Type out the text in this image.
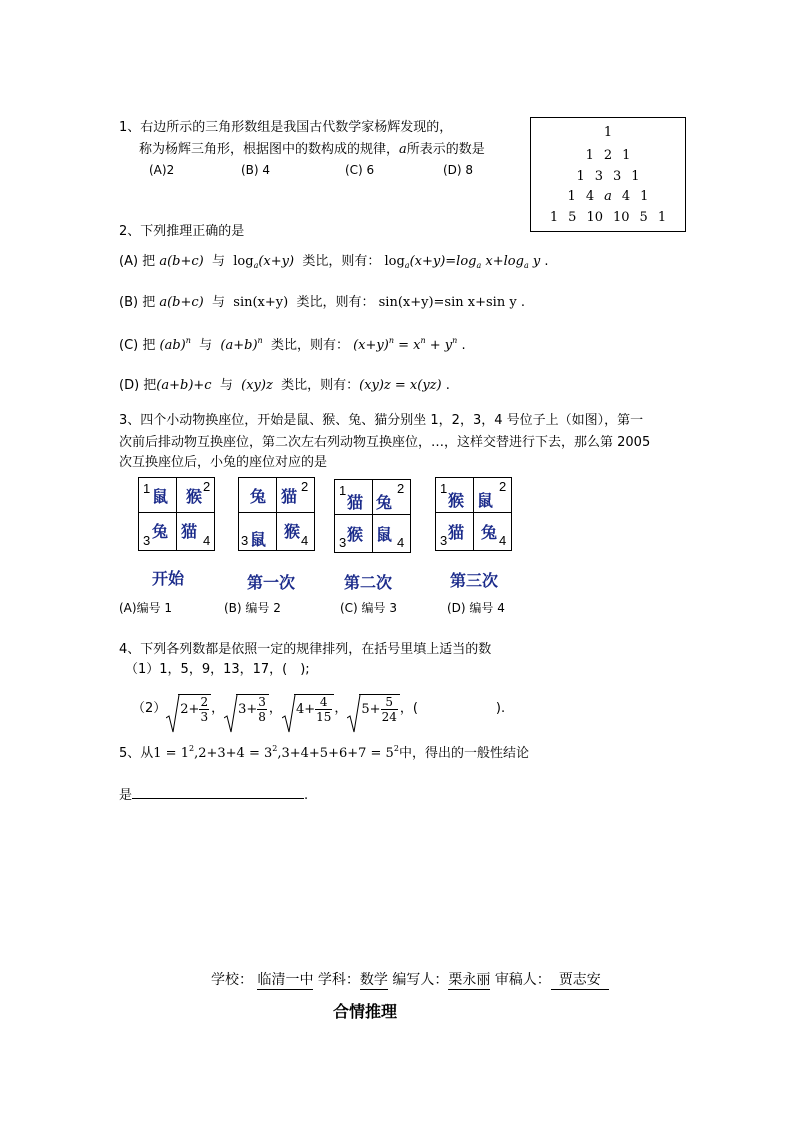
1、右边所示的三角形数组是我国古代数学家杨辉发现的，
称为杨辉三角形，根据图中的数构成的规律，a所表示的数是
(A)2	(B) 4	(C) 6	(D) 8
1
1 2 1
1 3 3 1
1 4 a 4 1
1 5 10 10 5 1
2、下列推理正确的是
(A) 把 a(b+c) 与 $\log_a(x+y)$ 类比，则有： $\log_a(x+y)=\log_a$ $x+\log_a$ y .
(B) 把 a(b+c) 与 sin(x+y) 类比，则有： sin(x+y)=sin x+sin y .
(C) 把 (ab)$^n$ 与 $(a+b)^n$ 类比，则有： $(x+y)^n = x^n + y^n$ .
(D) 把(a+b)+c 与 (xy)z 类比，则有：(xy)z = x(yz) .
3、四个小动物换座位，开始是鼠、猴、兔、猫分别坐 1，2，3，4 号位子上（如图），第一
次前后排动物互换座位，第二次左右列动物互换座位，…，这样交替进行下去，那么第 2005
次互换座位后，小兔的座位对应的是
1 鼠 猴
2
3 兔 猫 4
开始
兔 猫
2
3 鼠 猴 4
第一次
1
猫 兔
2
3 猴 鼠 4
第二次
1
猴 鼠
2
3 猫 兔 4
第三次
(A)编号 1	(B) 编号 2	(C) 编号 3	(D) 编号 4
4、下列各列数都是依照一定的规律排列，在括号里填上适当的数
（1）1，5，9，13，17，(　);
（2）	$2+ \frac{2}{3}$ ，	$3+ \frac{3}{8}$ ，	$4+ \frac{4}{15}$ ，	$5+ \frac{5}{24}$ ，(　　　　　　).
5、从$1 = 1^2,2+3+4 = 3^2,3+4+5+6+7 = 5^2$中，得出的一般性结论
是	.
学校： 临清一中 学科：数学 编写人：栗永丽 审稿人： 贾志安
合情推理
